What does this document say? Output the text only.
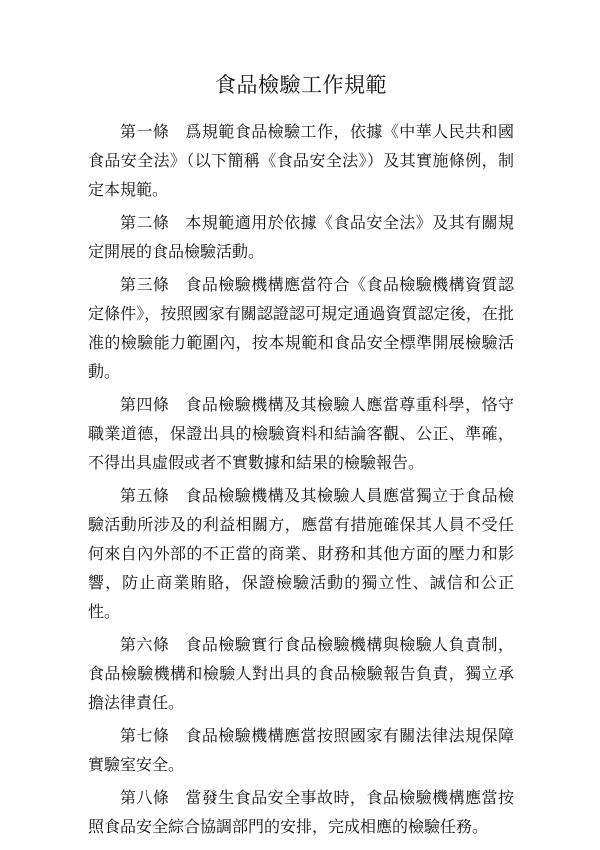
食品檢驗工作規範

第一條 爲規範食品檢驗工作，依據《中華人民共和國食品安全法》（以下簡稱《食品安全法》）及其實施條例，制定本規範。

第二條 本規範適用於依據《食品安全法》及其有關規定開展的食品檢驗活動。

第三條 食品檢驗機構應當符合《食品檢驗機構資質認定條件》，按照國家有關認證認可規定通過資質認定後，在批准的檢驗能力範圍內，按本規範和食品安全標準開展檢驗活動。

第四條 食品檢驗機構及其檢驗人應當尊重科學，恪守職業道德，保證出具的檢驗資料和結論客觀、公正、準確，不得出具虛假或者不實數據和結果的檢驗報告。

第五條 食品檢驗機構及其檢驗人員應當獨立于食品檢驗活動所涉及的利益相關方，應當有措施確保其人員不受任何來自內外部的不正當的商業、財務和其他方面的壓力和影響，防止商業賄賂，保證檢驗活動的獨立性、誠信和公正性。

第六條 食品檢驗實行食品檢驗機構與檢驗人負責制，食品檢驗機構和檢驗人對出具的食品檢驗報告負責，獨立承擔法律責任。

第七條 食品檢驗機構應當按照國家有關法律法規保障實驗室安全。

第八條 當發生食品安全事故時，食品檢驗機構應當按照食品安全綜合協調部門的安排，完成相應的檢驗任務。
